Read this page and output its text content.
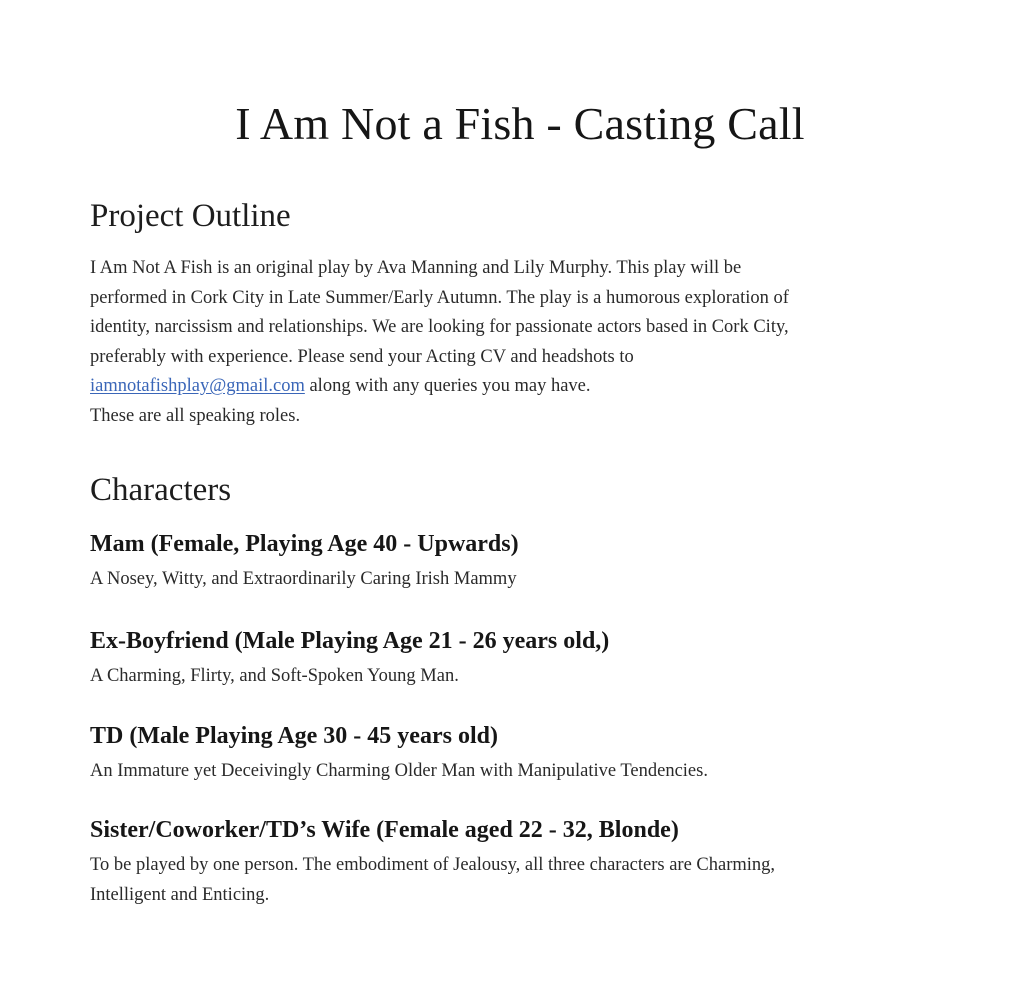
I Am Not a Fish - Casting Call
Project Outline

I Am Not A Fish is an original play by Ava Manning and Lily Murphy. This play will be
performed in Cork City in Late Summer/Early Autumn. The play is a humorous exploration of
identity, narcissism and relationships. We are looking for passionate actors based in Cork City,
preferably with experience. Please send your Acting CV and headshots to
iamnotafishplay@gmail.com along with any queries you may have.
These are all speaking roles.

Characters

Mam (Female, Playing Age 40 - Upwards)

A Nosey, Witty, and Extraordinarily Caring Irish Mammy

Ex-Boyfriend (Male Playing Age 21 - 26 years old,)

A Charming, Flirty, and Soft-Spoken Young Man.

TD (Male Playing Age 30 - 45 years old)

An Immature yet Deceivingly Charming Older Man with Manipulative Tendencies.

Sister/Coworker/TD’s Wife (Female aged 22 - 32, Blonde)

To be played by one person. The embodiment of Jealousy, all three characters are Charming,
Intelligent and Enticing.
